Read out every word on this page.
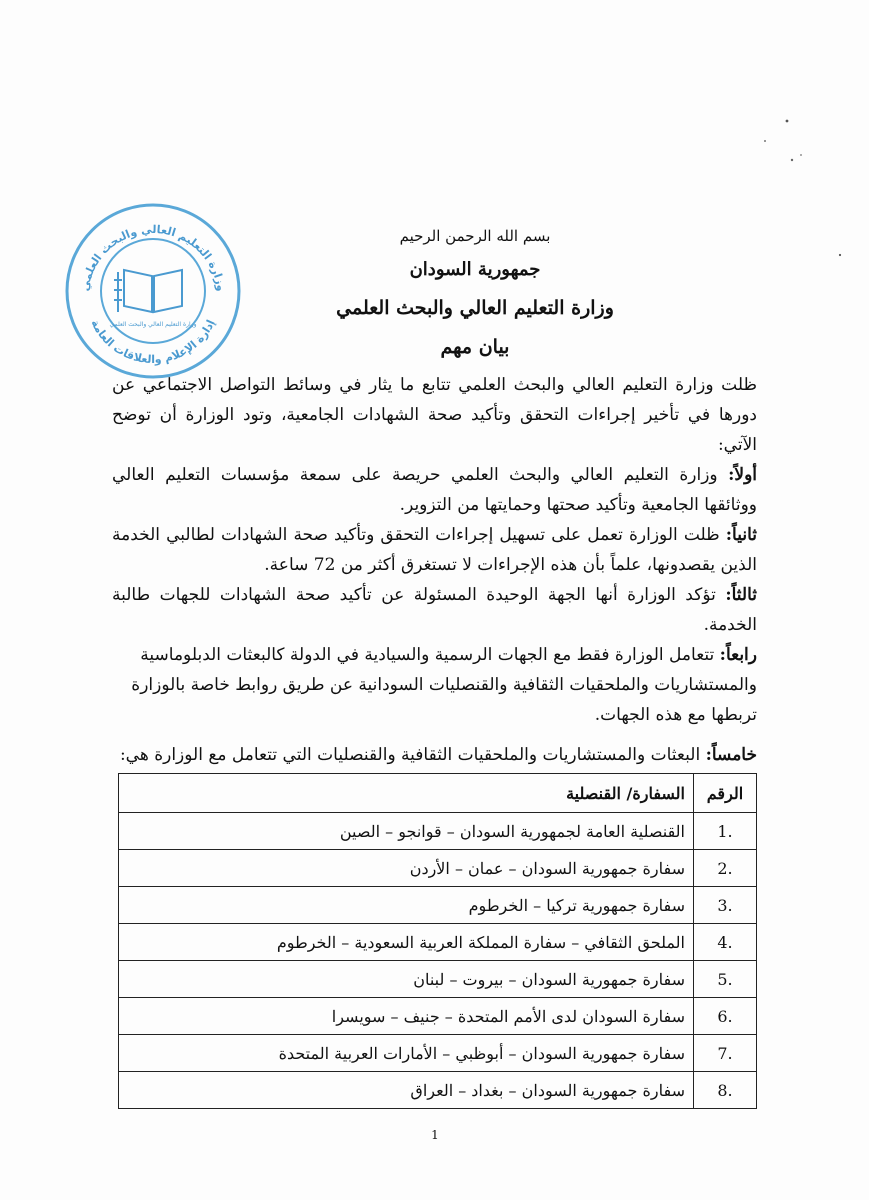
وزارة التعليم العالي والبحث العلمي
إدارة الإعلام والعلاقات العامة
وزارة التعليم العالي والبحث العلمي
بسم الله الرحمن الرحيم
جمهورية السودان
وزارة التعليم العالي والبحث العلمي
بيان مهم

ظلت وزارة التعليم العالي والبحث العلمي تتابع ما يثار في وسائط التواصل الاجتماعي عن دورها في تأخير إجراءات التحقق وتأكيد صحة الشهادات الجامعية، وتود الوزارة أن توضح الآتي:

أولاً: وزارة التعليم العالي والبحث العلمي حريصة على سمعة مؤسسات التعليم العالي ووثائقها الجامعية وتأكيد صحتها وحمايتها من التزوير.

ثانياً: ظلت الوزارة تعمل على تسهيل إجراءات التحقق وتأكيد صحة الشهادات لطالبي الخدمة الذين يقصدونها، علماً بأن هذه الإجراءات لا تستغرق أكثر من 72 ساعة.

ثالثاً: تؤكد الوزارة أنها الجهة الوحيدة المسئولة عن تأكيد صحة الشهادات للجهات طالبة الخدمة.

رابعاً: تتعامل الوزارة فقط مع الجهات الرسمية والسيادية في الدولة كالبعثات الدبلوماسية والمستشاريات والملحقيات الثقافية والقنصليات السودانية عن طريق روابط خاصة بالوزارة تربطها مع هذه الجهات.

خامساً: البعثات والمستشاريات والملحقيات الثقافية والقنصليات التي تتعامل مع الوزارة هي:
الرقم	السفارة/ القنصلية
.1	القنصلية العامة لجمهورية السودان – قوانجو – الصين
.2	سفارة جمهورية السودان – عمان – الأردن
.3	سفارة جمهورية تركيا – الخرطوم
.4	الملحق الثقافي – سفارة المملكة العربية السعودية – الخرطوم
.5	سفارة جمهورية السودان – بيروت – لبنان
.6	سفارة السودان لدى الأمم المتحدة – جنيف – سويسرا
.7	سفارة جمهورية السودان – أبوظبي – الأمارات العربية المتحدة
.8	سفارة جمهورية السودان – بغداد – العراق
1
